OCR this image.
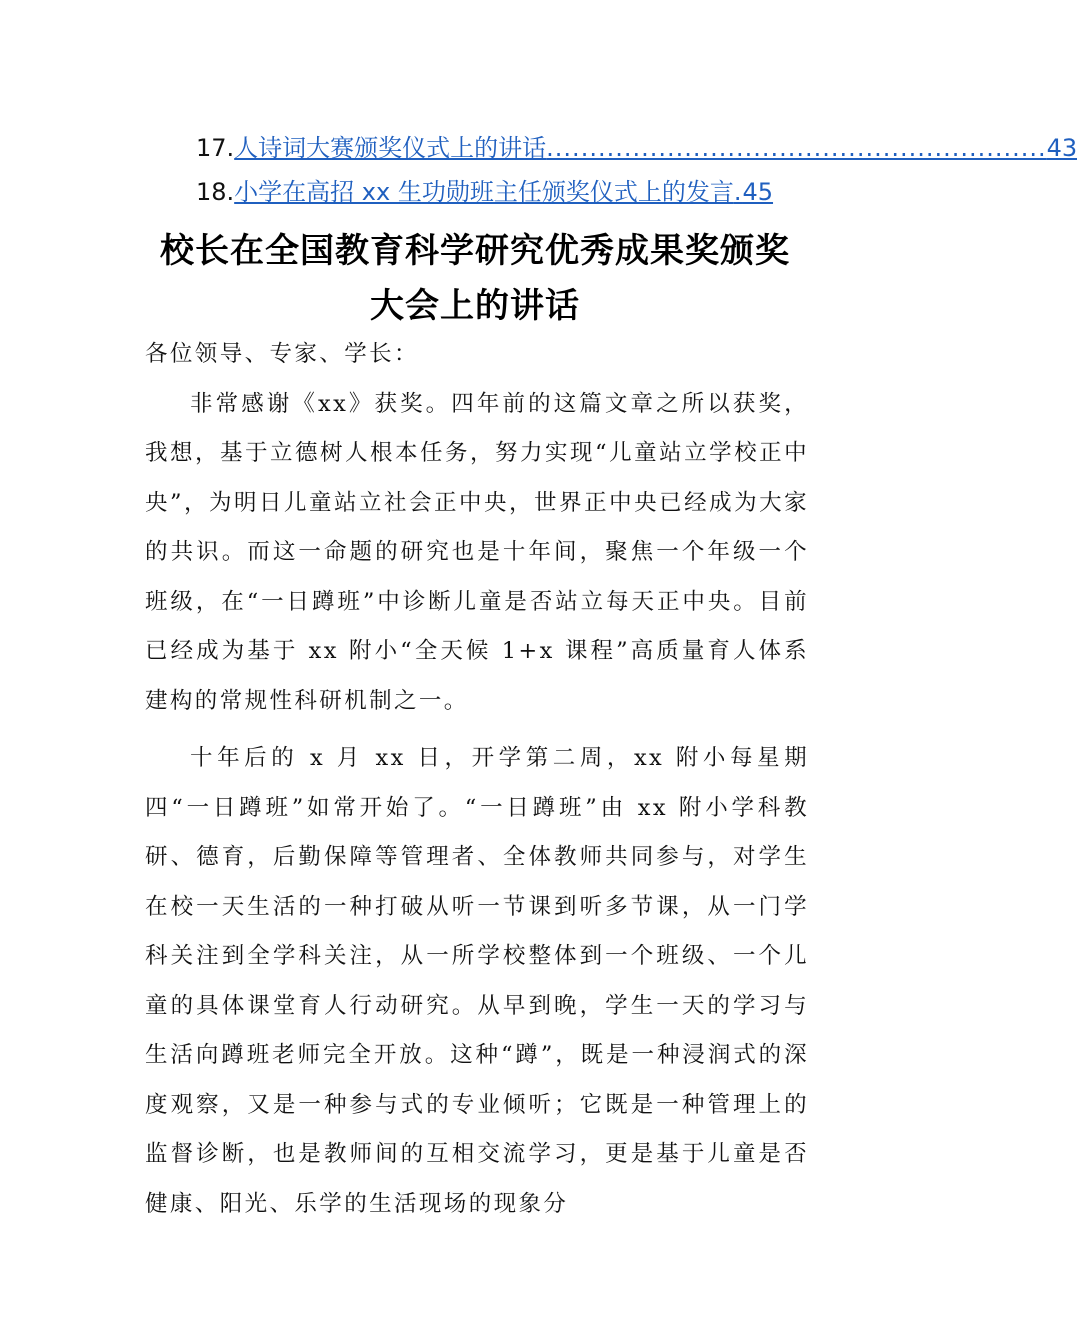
17. 人诗词大赛颁奖仪式上的讲话 .......................................................... 43
18. 小学在高招 xx 生功勋班主任颁奖仪式上的发言 . 45
校长在全国教育科学研究优秀成果奖颁奖
大会上的讲话

各位领导、专家、学长：

非常感谢《xx》获奖。四年前的这篇文章之所以获奖，我想，基于立德树人根本任务，努力实现“儿童站立学校正中央”，为明日儿童站立社会正中央，世界正中央已经成为大家的共识。而这一命题的研究也是十年间，聚焦一个年级一个班级，在“一日蹲班”中诊断儿童是否站立每天正中央。目前已经成为基于 xx 附小“全天候 1+x 课程”高质量育人体系建构的常规性科研机制之一。

十年后的 x 月 xx 日，开学第二周，xx 附小每星期四“一日蹲班”如常开始了。“一日蹲班”由 xx 附小学科教研、德育，后勤保障等管理者、全体教师共同参与，对学生在校一天生活的一种打破从听一节课到听多节课，从一门学科关注到全学科关注，从一所学校整体到一个班级、一个儿童的具体课堂育人行动研究。从早到晚，学生一天的学习与生活向蹲班老师完全开放。这种“蹲”，既是一种浸润式的深度观察，又是一种参与式的专业倾听；它既是一种管理上的监督诊断，也是教师间的互相交流学习，更是基于儿童是否健康、阳光、乐学的生活现场的现象分
